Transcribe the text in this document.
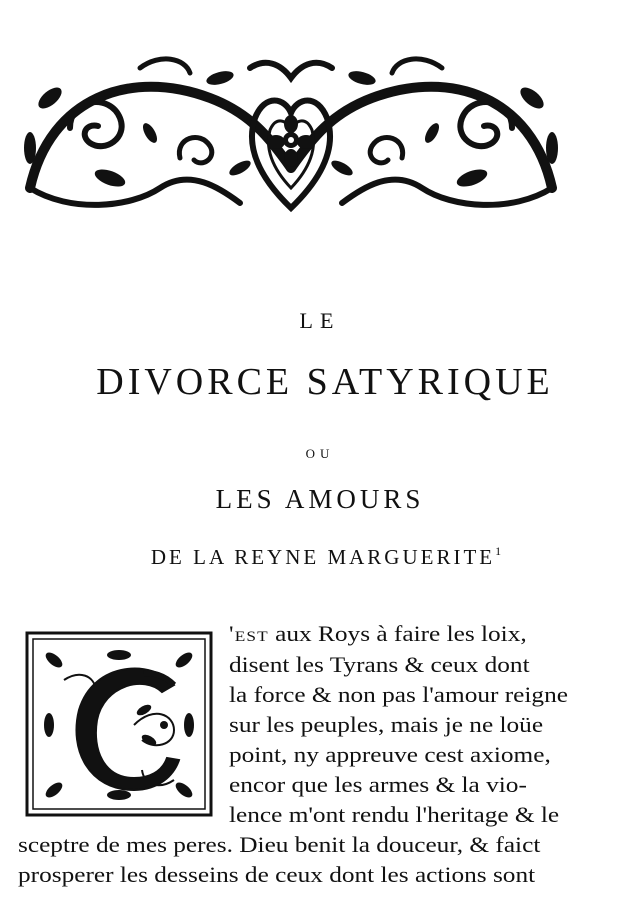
LE
DIVORCE SATYRIQUE
OU
LES AMOURS
DE LA REYNE MARGUERITE$^1$
'est aux Roys à faire les loix,
disent les Tyrans & ceux dont
la force & non pas l'amour reigne
sur les peuples, mais je ne loüe
point, ny appreuve cest axiome,
encor que les armes & la vio-
lence m'ont rendu l'heritage & le
sceptre de mes peres. Dieu benit la douceur, & faict
prosperer les desseins de ceux dont les actions sont
